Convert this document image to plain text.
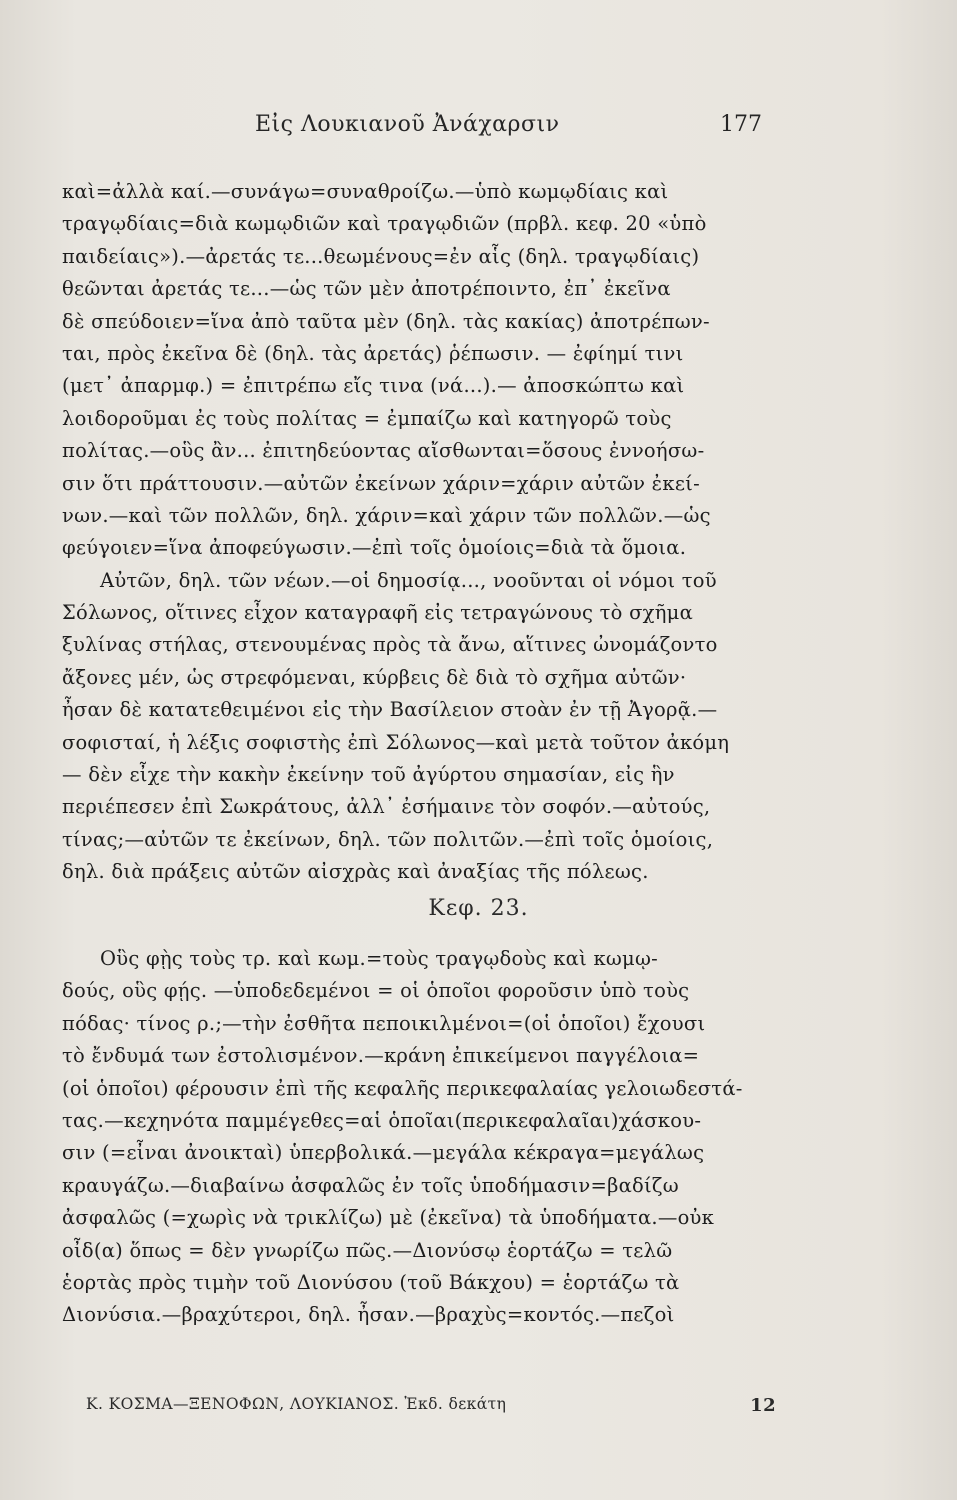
Εἰς Λουκιανοῦ Ἀνάχαρσιν	177
καὶ=ἀλλὰ καί.—συνάγω=συναθροίζω.—ὑπὸ κωμῳδίαις καὶ
τραγῳδίαις=διὰ κωμῳδιῶν καὶ τραγῳδιῶν (πρβλ. κεφ. 20 «ὑπὸ
παιδείαις»).—ἀρετάς τε...θεωμένους=ἐν αἷς (δηλ. τραγῳδίαις)
θεῶνται ἀρετάς τε...—ὡς τῶν μὲν ἀποτρέποιντο, ἐπ᾿ ἐκεῖνα
δὲ σπεύδοιεν=ἵνα ἀπὸ ταῦτα μὲν (δηλ. τὰς κακίας) ἀποτρέπων-
ται, πρὸς ἐκεῖνα δὲ (δηλ. τὰς ἀρετάς) ῥέπωσιν. — ἐφίημί τινι
(μετ᾿ ἀπαρμφ.) = ἐπιτρέπω εἴς τινα (νά...).— ἀποσκώπτω καὶ
λοιδοροῦμαι ἐς τοὺς πολίτας = ἐμπαίζω καὶ κατηγορῶ τοὺς
πολίτας.—οὓς ἂν... ἐπιτηδεύοντας αἴσθωνται=ὅσους ἐννοήσω-
σιν ὅτι πράττουσιν.—αὐτῶν ἐκείνων χάριν=χάριν αὐτῶν ἐκεί-
νων.—καὶ τῶν πολλῶν, δηλ. χάριν=καὶ χάριν τῶν πολλῶν.—ὡς
φεύγοιεν=ἵνα ἀποφεύγωσιν.—ἐπὶ τοῖς ὁμοίοις=διὰ τὰ ὅμοια.
Αὐτῶν, δηλ. τῶν νέων.—οἱ δημοσίᾳ..., νοοῦνται οἱ νόμοι τοῦ
Σόλωνος, οἵτινες εἶχον καταγραφῆ εἰς τετραγώνους τὸ σχῆμα
ξυλίνας στήλας, στενουμένας πρὸς τὰ ἄνω, αἵτινες ὠνομάζοντο
ἄξονες μέν, ὡς στρεφόμεναι, κύρβεις δὲ διὰ τὸ σχῆμα αὐτῶν·
ἦσαν δὲ κατατεθειμένοι εἰς τὴν Βασίλειον στοὰν ἐν τῇ Ἀγορᾷ.—
σοφισταί, ἡ λέξις σοφιστὴς ἐπὶ Σόλωνος—καὶ μετὰ τοῦτον ἀκόμη
— δὲν εἶχε τὴν κακὴν ἐκείνην τοῦ ἀγύρτου σημασίαν, εἰς ἣν
περιέπεσεν ἐπὶ Σωκράτους, ἀλλ᾿ ἐσήμαινε τὸν σοφόν.—αὐτούς,
τίνας;—αὐτῶν τε ἐκείνων, δηλ. τῶν πολιτῶν.—ἐπὶ τοῖς ὁμοίοις,
δηλ. διὰ πράξεις αὐτῶν αἰσχρὰς καὶ ἀναξίας τῆς πόλεως.
Κεφ. 23.
Οὓς φῂς τοὺς τρ. καὶ κωμ.=τοὺς τραγῳδοὺς καὶ κωμῳ-
δούς, οὓς φῄς. —ὑποδεδεμένοι = οἱ ὁποῖοι φοροῦσιν ὑπὸ τοὺς
πόδας· τίνος ρ.;—τὴν ἐσθῆτα πεποικιλμένοι=(οἱ ὁποῖοι) ἔχουσι
τὸ ἔνδυμά των ἐστολισμένον.—κράνη ἐπικείμενοι παγγέλοια=
(οἱ ὁποῖοι) φέρουσιν ἐπὶ τῆς κεφαλῆς περικεφαλαίας γελοιωδεστά-
τας.—κεχηνότα παμμέγεθες=αἱ ὁποῖαι(περικεφαλαῖαι)χάσκου-
σιν (=εἶναι ἀνοικταὶ) ὑπερβολικά.—μεγάλα κέκραγα=μεγάλως
κραυγάζω.—διαβαίνω ἀσφαλῶς ἐν τοῖς ὑποδήμασιν=βαδίζω
ἀσφαλῶς (=χωρὶς νὰ τρικλίζω) μὲ (ἐκεῖνα) τὰ ὑποδήματα.—οὐκ
οἶδ(α) ὅπως = δὲν γνωρίζω πῶς.—Διονύσῳ ἑορτάζω = τελῶ
ἑορτὰς πρὸς τιμὴν τοῦ Διονύσου (τοῦ Βάκχου) = ἑορτάζω τὰ
Διονύσια.—βραχύτεροι, δηλ. ἦσαν.—βραχὺς=κοντός.—πεζοὶ
Κ. ΚΟΣΜΑ—ΞΕΝΟΦΩΝ, ΛΟΥΚΙΑΝΟΣ. Ἐκδ. δεκάτη	12
